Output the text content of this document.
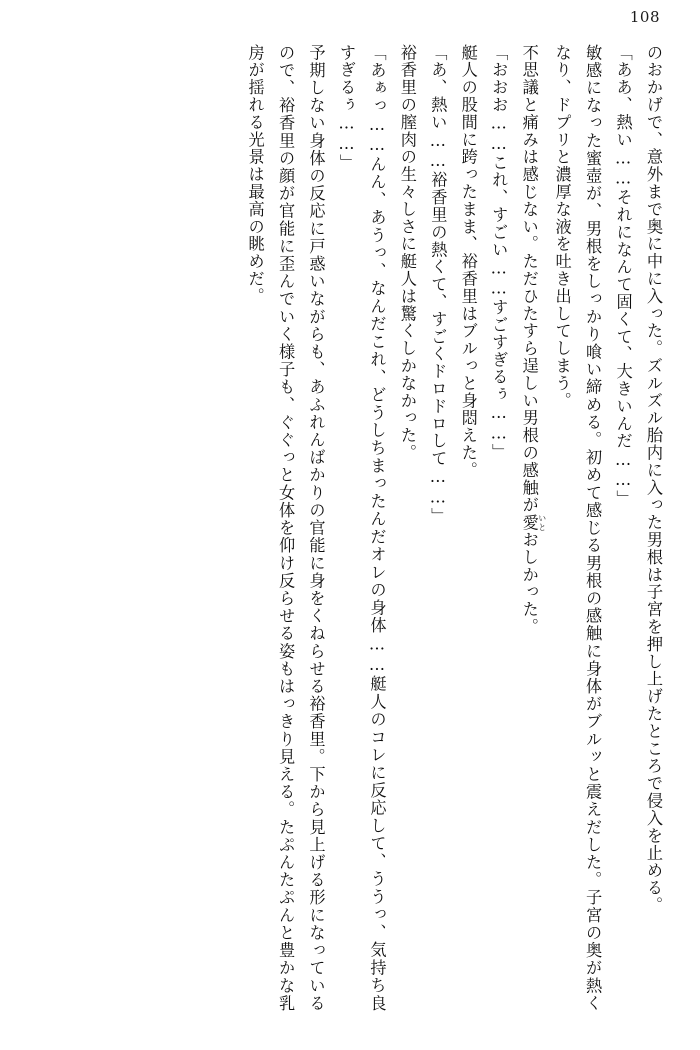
108

のおかげで、意外まで奥に中に入った。ズルズル胎内に入った男根は子宮を押し上げたところで侵入を止める。

「ああ、熱い……それになんて固くて、大きいんだ……」

敏感になった蜜壺が、男根をしっかり喰い締める。初めて感じる男根の感触に身体がブルッと震えだした。子宮の奥が熱くなり、ドプリと濃厚な液を吐き出してしまう。

不思議と痛みは感じない。ただひたすら逞しい男根の感触が愛 いとおしかった。

「おおお……これ、すごい……すごすぎるぅ……」

艇人の股間に跨ったまま、裕香里はブルっと身悶えた。

「あ、熱い……裕香里の熱くて、すごくドロドロして……」

裕香里の膣肉の生々しさに艇人は驚くしかなかった。

「あぁっ……んん、あうっ、なんだこれ、どうしちまったんだオレの身体……艇人のコレに反応して、ううっ、気持ち良すぎるぅ……」

予期しない身体の反応に戸惑いながらも、あふれんばかりの官能に身をくねらせる裕香里。下から見上げる形になっているので、裕香里の顔が官能に歪んでいく様子も、ぐぐっと女体を仰け反らせる姿もはっきり見える。たぷんたぷんと豊かな乳房が揺れる光景は最高の眺めだ。
